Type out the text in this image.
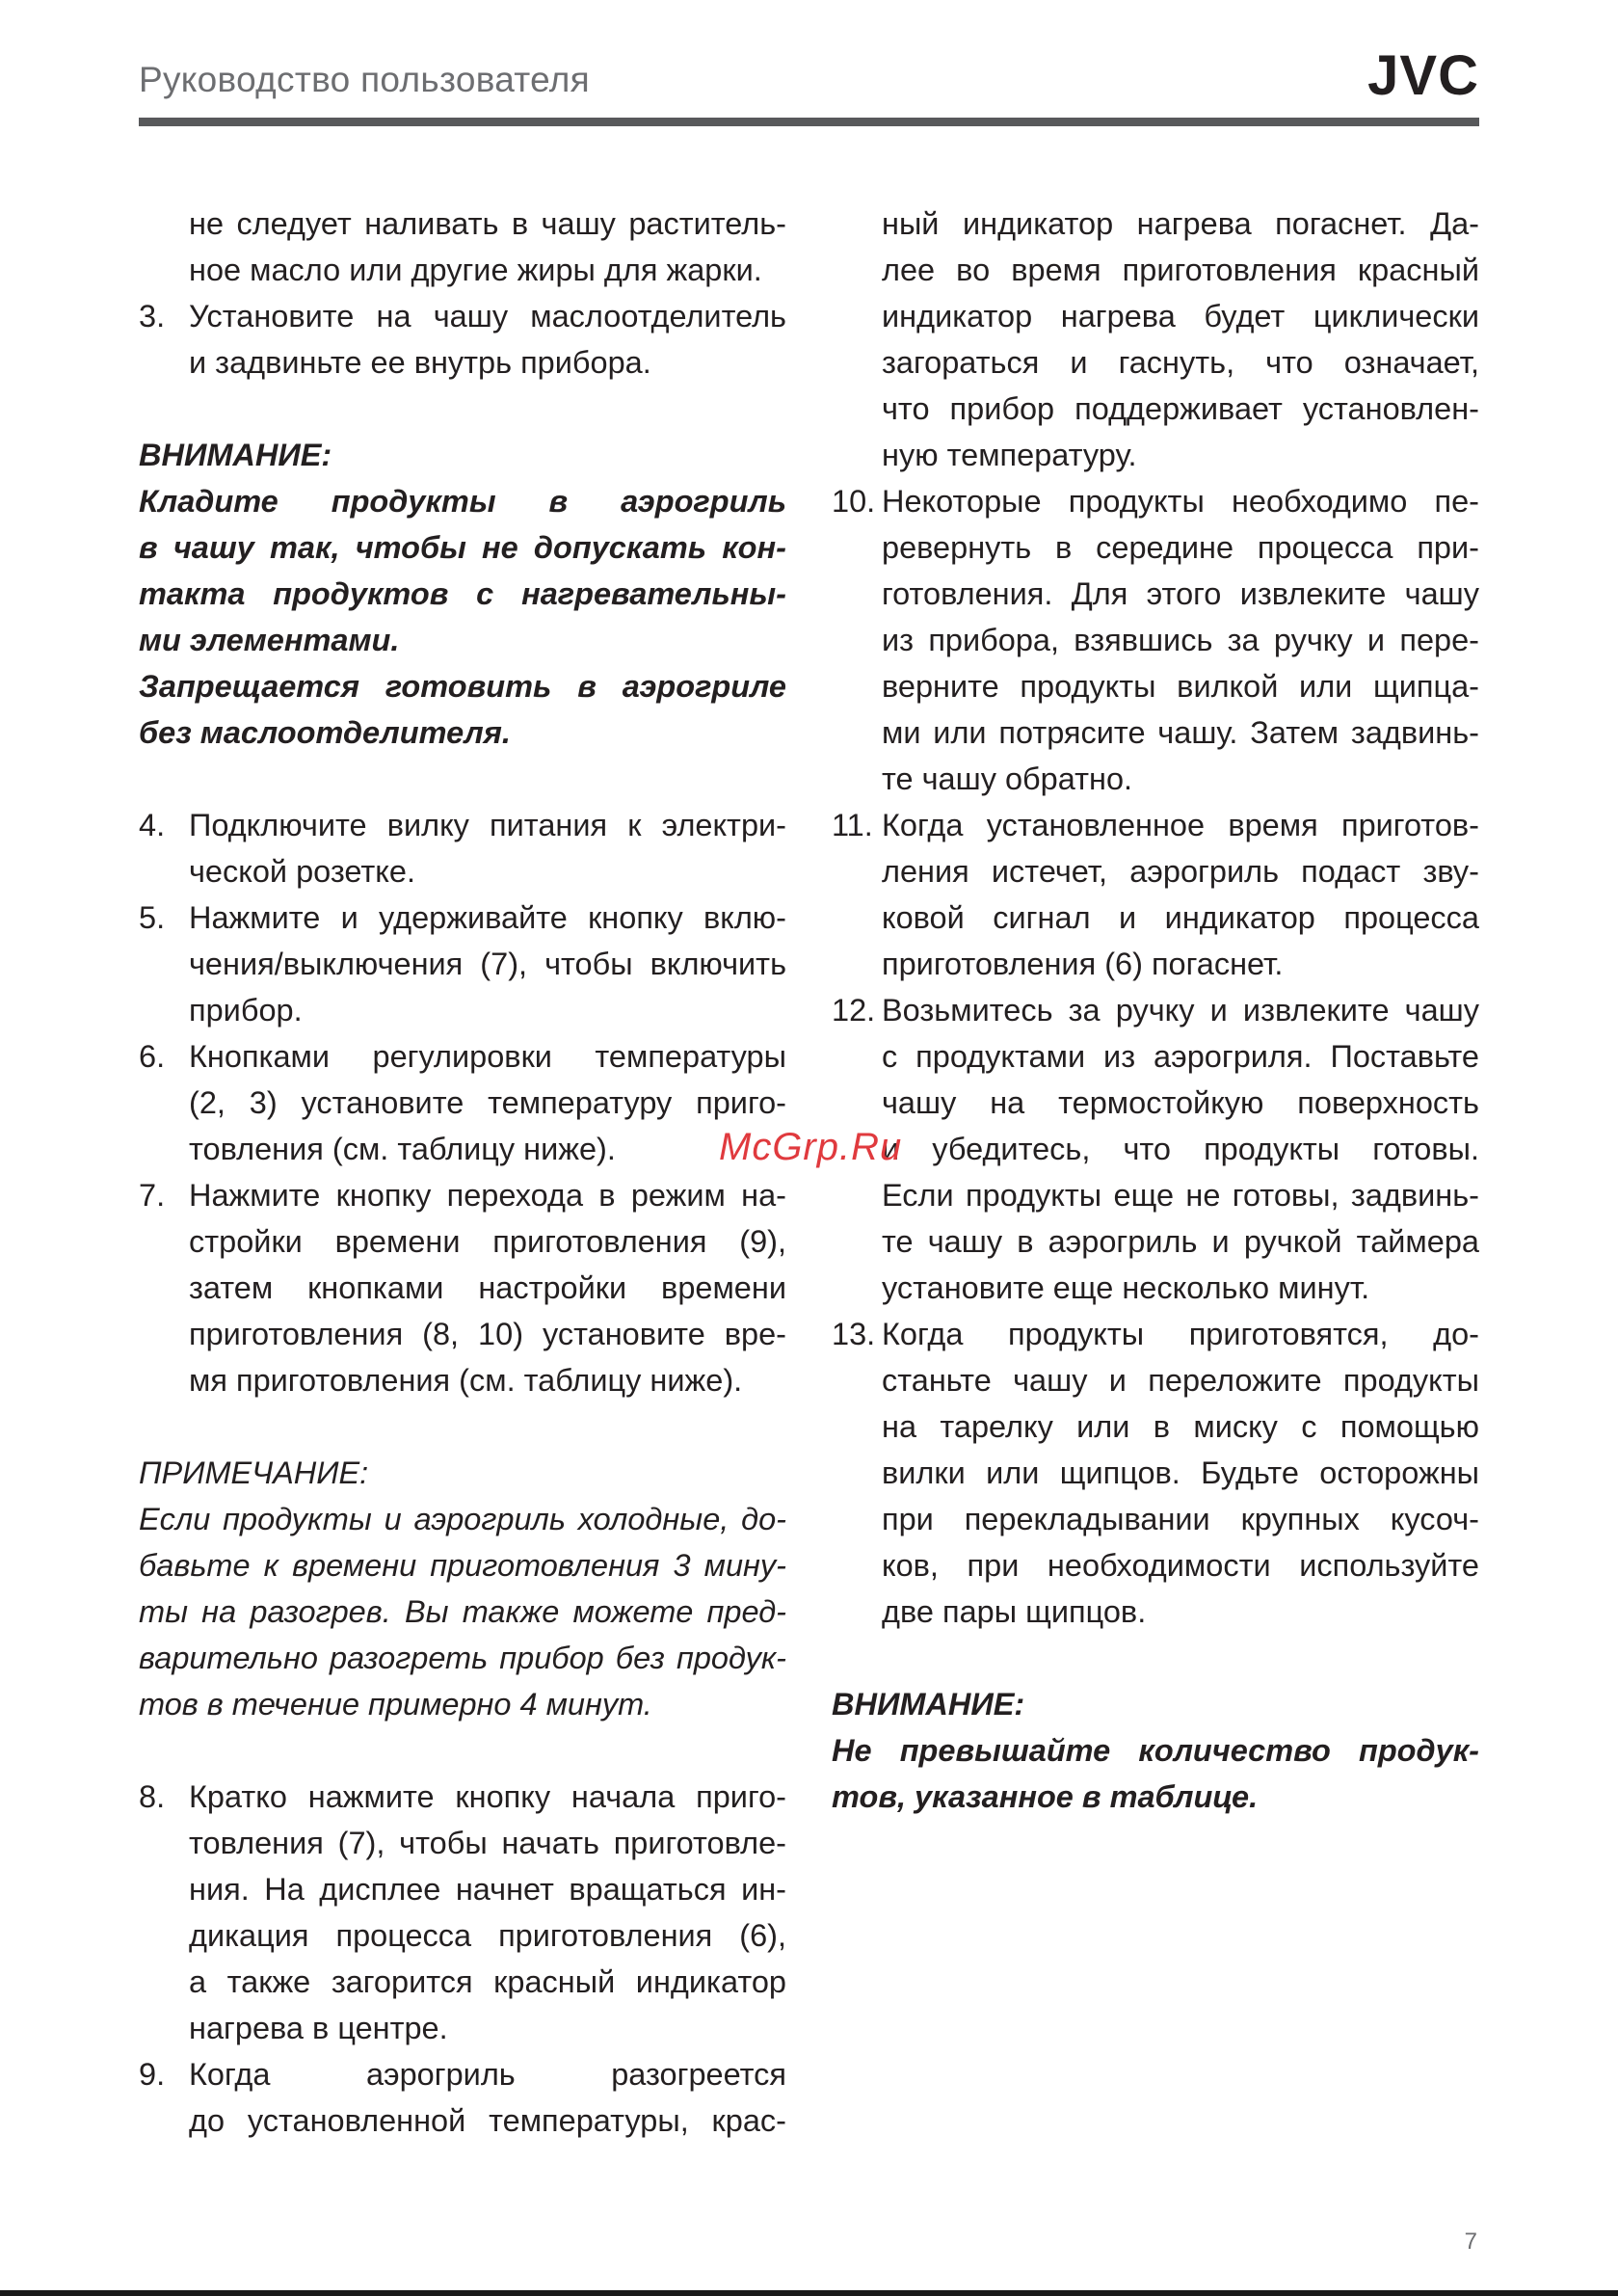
Руководство пользователя	JVC
не следует наливать в чашу раститель-
ное масло или другие жиры для жарки.
3. Установите на чашу маслоотделитель
и задвиньте ее внутрь прибора.
ВНИМАНИЕ:
Кладите продукты в аэрогриль
в чашу так, чтобы не допускать кон-
такта продуктов с нагревательны-
ми элементами.
Запрещается готовить в аэрогриле
без маслоотделителя.
4. Подключите вилку питания к электри-
ческой розетке.
5. Нажмите и удерживайте кнопку вклю-
чения/выключения (7), чтобы включить
прибор.
6. Кнопками регулировки температуры
(2, 3) установите температуру приго-
товления (см. таблицу ниже).
7. Нажмите кнопку перехода в режим на-
стройки времени приготовления (9),
затем кнопками настройки времени
приготовления (8, 10) установите вре-
мя приготовления (см. таблицу ниже).
ПРИМЕЧАНИЕ:
Если продукты и аэрогриль холодные, до-
бавьте к времени приготовления 3 мину-
ты на разогрев. Вы также можете пред-
варительно разогреть прибор без продук-
тов в течение примерно 4 минут.
8. Кратко нажмите кнопку начала приго-
товления (7), чтобы начать приготовле-
ния. На дисплее начнет вращаться ин-
дикация процесса приготовления (6),
а также загорится красный индикатор
нагрева в центре.
9. Когда аэрогриль разогреется
до установленной температуры, крас-
ный индикатор нагрева погаснет. Да-
лее во время приготовления красный
индикатор нагрева будет циклически
загораться и гаснуть, что означает,
что прибор поддерживает установлен-
ную температуру.
10. Некоторые продукты необходимо пе-
ревернуть в середине процесса при-
готовления. Для этого извлеките чашу
из прибора, взявшись за ручку и пере-
верните продукты вилкой или щипца-
ми или потрясите чашу. Затем задвинь-
те чашу обратно.
11. Когда установленное время приготов-
ления истечет, аэрогриль подаст зву-
ковой сигнал и индикатор процесса
приготовления (6) погаснет.
12. Возьмитесь за ручку и извлеките чашу
с продуктами из аэрогриля. Поставьте
чашу на термостойкую поверхность
и убедитесь, что продукты готовы.
Если продукты еще не готовы, задвинь-
те чашу в аэрогриль и ручкой таймера
установите еще несколько минут.
13. Когда продукты приготовятся, до-
станьте чашу и переложите продукты
на тарелку или в миску с помощью
вилки или щипцов. Будьте осторожны
при перекладывании крупных кусоч-
ков, при необходимости используйте
две пары щипцов.
ВНИМАНИЕ:
Не превышайте количество продук-
тов, указанное в таблице.
McGrp.Ru
7
